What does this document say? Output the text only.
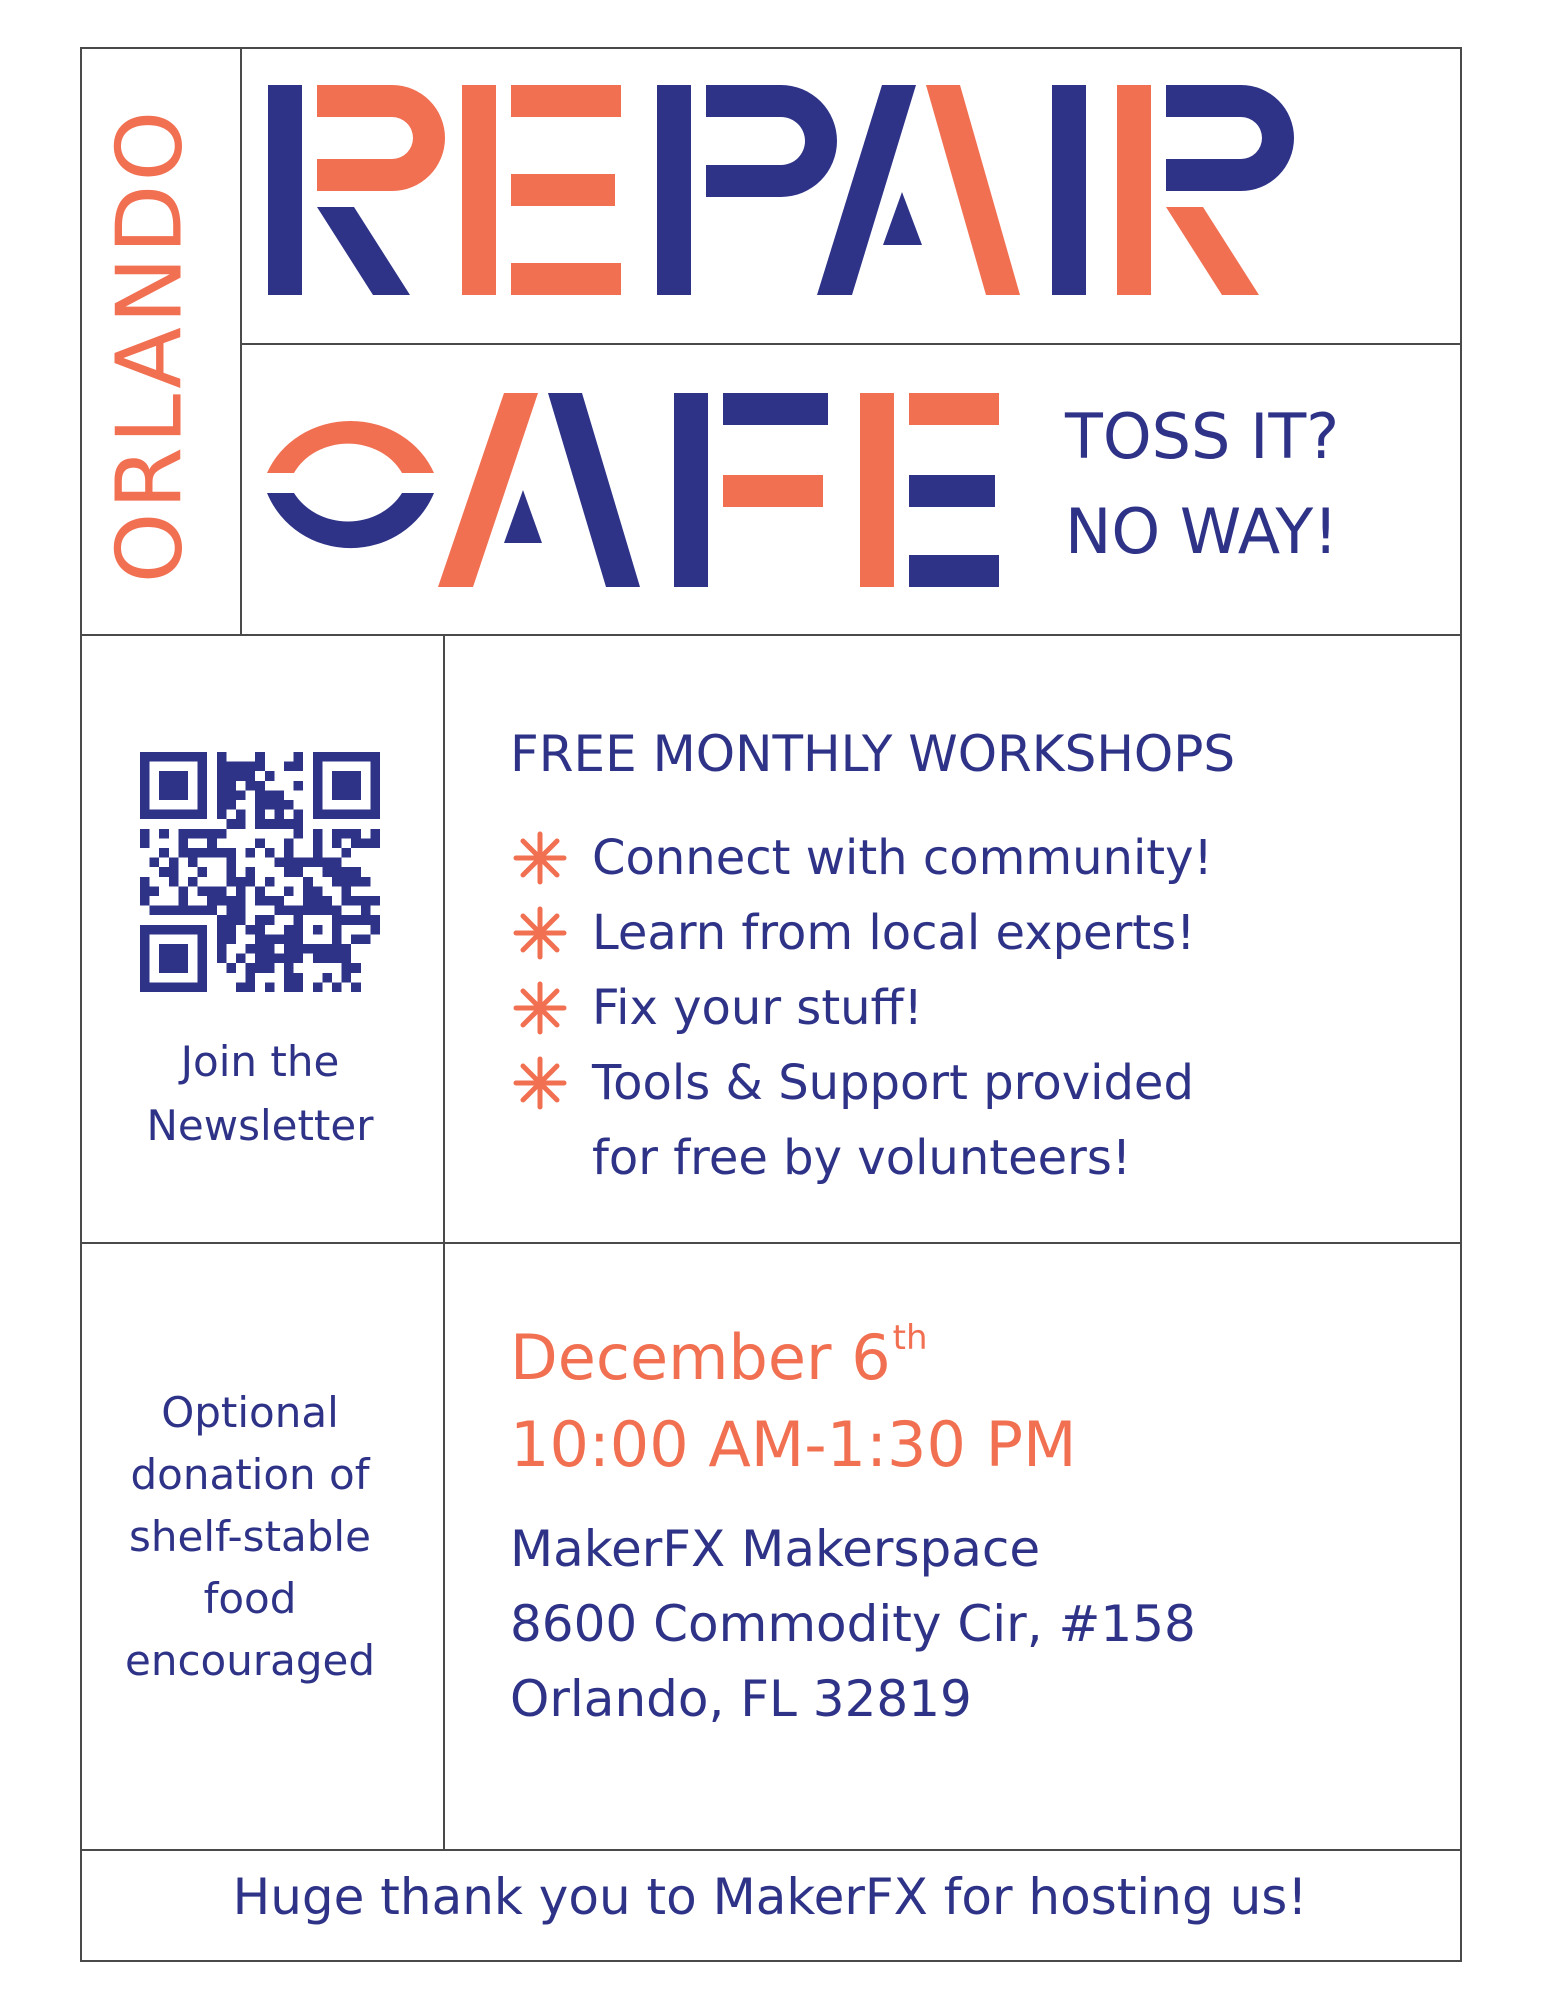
ORLANDO	TOSS IT?
NO WAY!
Join the
Newsletter
FREE MONTHLY WORKSHOPS
Connect with community!
Learn from local experts!
Fix your stuff!
Tools & Support provided
for free by volunteers!
December 6th
10:00 AM-1:30 PM
MakerFX Makerspace
8600 Commodity Cir, #158
Orlando, FL 32819
Optional
donation of
shelf-stable
food
encouraged
Huge thank you to MakerFX for hosting us!
